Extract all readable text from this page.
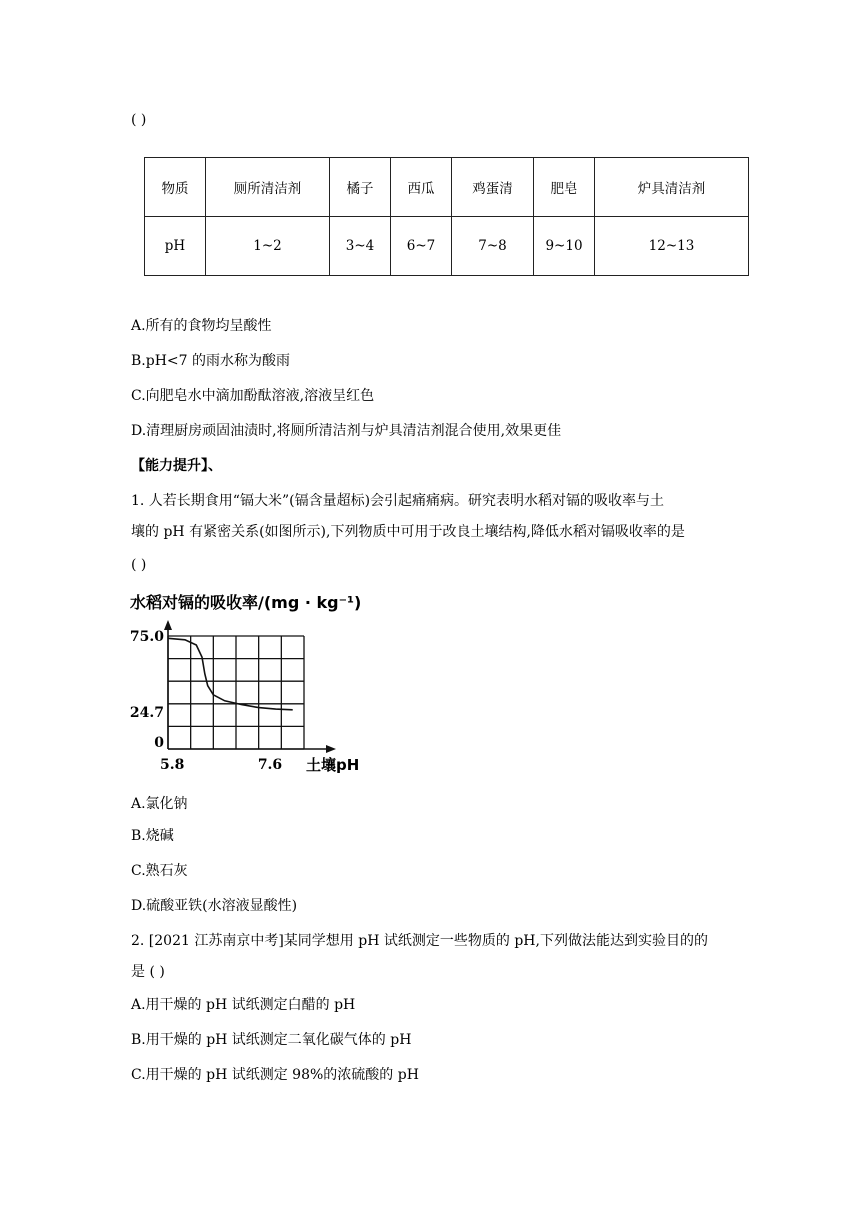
( )
物质	厕所清洁剂	橘子	西瓜	鸡蛋清	肥皂	炉具清洁剂
pH	1~2	3~4	6~7	7~8	9~10	12~13
A.所有的食物均呈酸性
B.pH<7 的雨水称为酸雨
C.向肥皂水中滴加酚酞溶液,溶液呈红色
D.清理厨房顽固油渍时,将厕所清洁剂与炉具清洁剂混合使用,效果更佳
【能力提升】、
1. 人若长期食用“镉大米”(镉含量超标)会引起痛痛病。研究表明水稻对镉的吸收率与土
壤的 pH 有紧密关系(如图所示),下列物质中可用于改良土壤结构,降低水稻对镉吸收率的是
( )
水稻对镉的吸收率/(mg · kg⁻¹)
75.0
24.7
0
5.8	7.6 土壤pH
A.氯化钠
B.烧碱
C.熟石灰
D.硫酸亚铁(水溶液显酸性)
2. [2021 江苏南京中考]某同学想用 pH 试纸测定一些物质的 pH,下列做法能达到实验目的的
是 ( )
A.用干燥的 pH 试纸测定白醋的 pH
B.用干燥的 pH 试纸测定二氧化碳气体的 pH
C.用干燥的 pH 试纸测定 98%的浓硫酸的 pH
